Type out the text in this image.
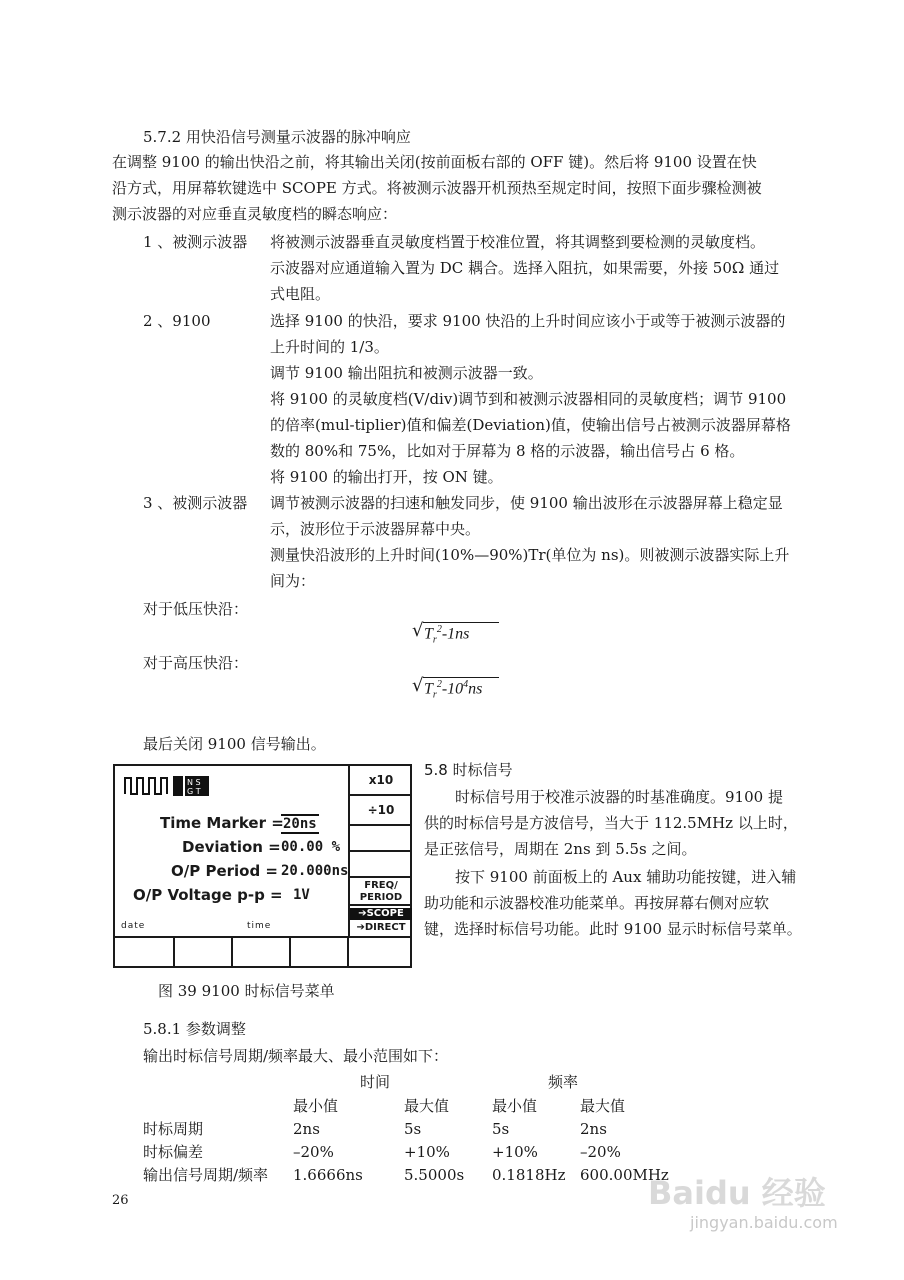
5.7.2 用快沿信号测量示波器的脉冲响应
在调整 9100 的输出快沿之前，将其输出关闭(按前面板右部的 OFF 键)。然后将 9100 设置在快
沿方式，用屏幕软键选中 SCOPE 方式。将被测示波器开机预热至规定时间，按照下面步骤检测被
测示波器的对应垂直灵敏度档的瞬态响应：
1 、被测示波器 将被测示波器垂直灵敏度档置于校准位置，将其调整到要检测的灵敏度档。
示波器对应通道输入置为 DC 耦合。选择入阻抗，如果需要，外接 50Ω 通过
式电阻。
2 、9100	选择 9100 的快沿，要求 9100 快沿的上升时间应该小于或等于被测示波器的
上升时间的 1/3。
调节 9100 输出阻抗和被测示波器一致。
将 9100 的灵敏度档(V/div)调节到和被测示波器相同的灵敏度档；调节 9100
的倍率(mul-tiplier)值和偏差(Deviation)值，使输出信号占被测示波器屏幕格
数的 80%和 75%，比如对于屏幕为 8 格的示波器，输出信号占 6 格。
将 9100 的输出打开，按 ON 键。
3 、被测示波器 调节被测示波器的扫速和触发同步，使 9100 输出波形在示波器屏幕上稳定显
示，波形位于示波器屏幕中央。
测量快沿波形的上升时间(10%—90%)Tr(单位为 ns)。则被测示波器实际上升
间为：
对于低压快沿：
√ $T_r^2-1ns$
对于高压快沿：
√ $T_r^2-10^4ns$
最后关闭 9100 信号输出。
N S
G T
Time Marker = 20ns
Deviation = 00.00 %
O/P Period = 20.000ns
O/P Voltage p-p = 1V
date	time
x10
÷10
FREQ/
PERIOD
➔SCOPE
➔DIRECT
5.8 时标信号
时标信号用于校准示波器的时基准确度。9100 提
供的时标信号是方波信号，当大于 112.5MHz 以上时，
是正弦信号，周期在 2ns 到 5.5s 之间。
按下 9100 前面板上的 Aux 辅助功能按键，进入辅
助功能和示波器校准功能菜单。再按屏幕右侧对应软
键，选择时标信号功能。此时 9100 显示时标信号菜单。
图 39 9100 时标信号菜单
5.8.1 参数调整
输出时标信号周期/频率最大、最小范围如下：
时间	频率
最小值	最大值	最小值	最大值
时标周期	2ns	5s	5s	2ns
时标偏差	–20%	+10%	+10%	–20%
输出信号周期/频率 1.6666ns	5.5000s 0.1818Hz 600.00MHz
26	Baidu 经验
jingyan.baidu.com
